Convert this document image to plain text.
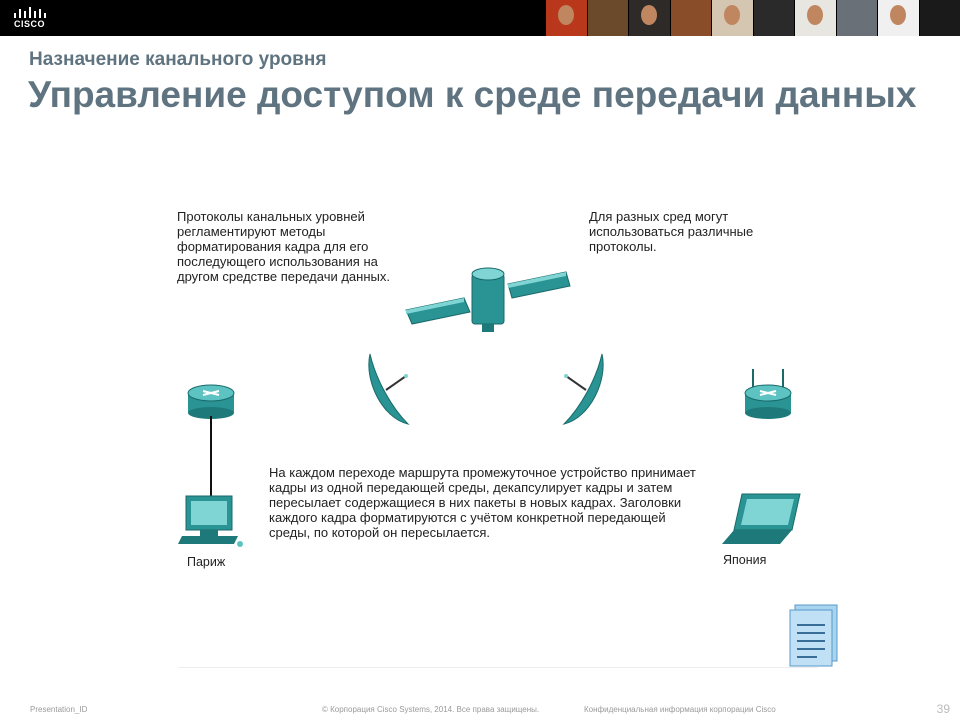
CISCO
Назначение канального уровня
Управление доступом к среде передачи данных

Протоколы канальных уровней регламентируют методы форматирования кадра для его последующего использования на другом средстве передачи данных.

Для разных сред могут использоваться различные протоколы.

На каждом переходе маршрута промежуточное устройство принимает кадры из одной передающей среды, декапсулирует кадры и затем пересылает содержащиеся в них пакеты в новых кадрах. Заголовки каждого кадра форматируются с учётом конкретной передающей среды, по которой он пересылается.

Париж	Япония
Presentation_ID	© Корпорация Cisco Systems, 2014. Все права защищены.	Конфиденциальная информация корпорации Cisco	39
